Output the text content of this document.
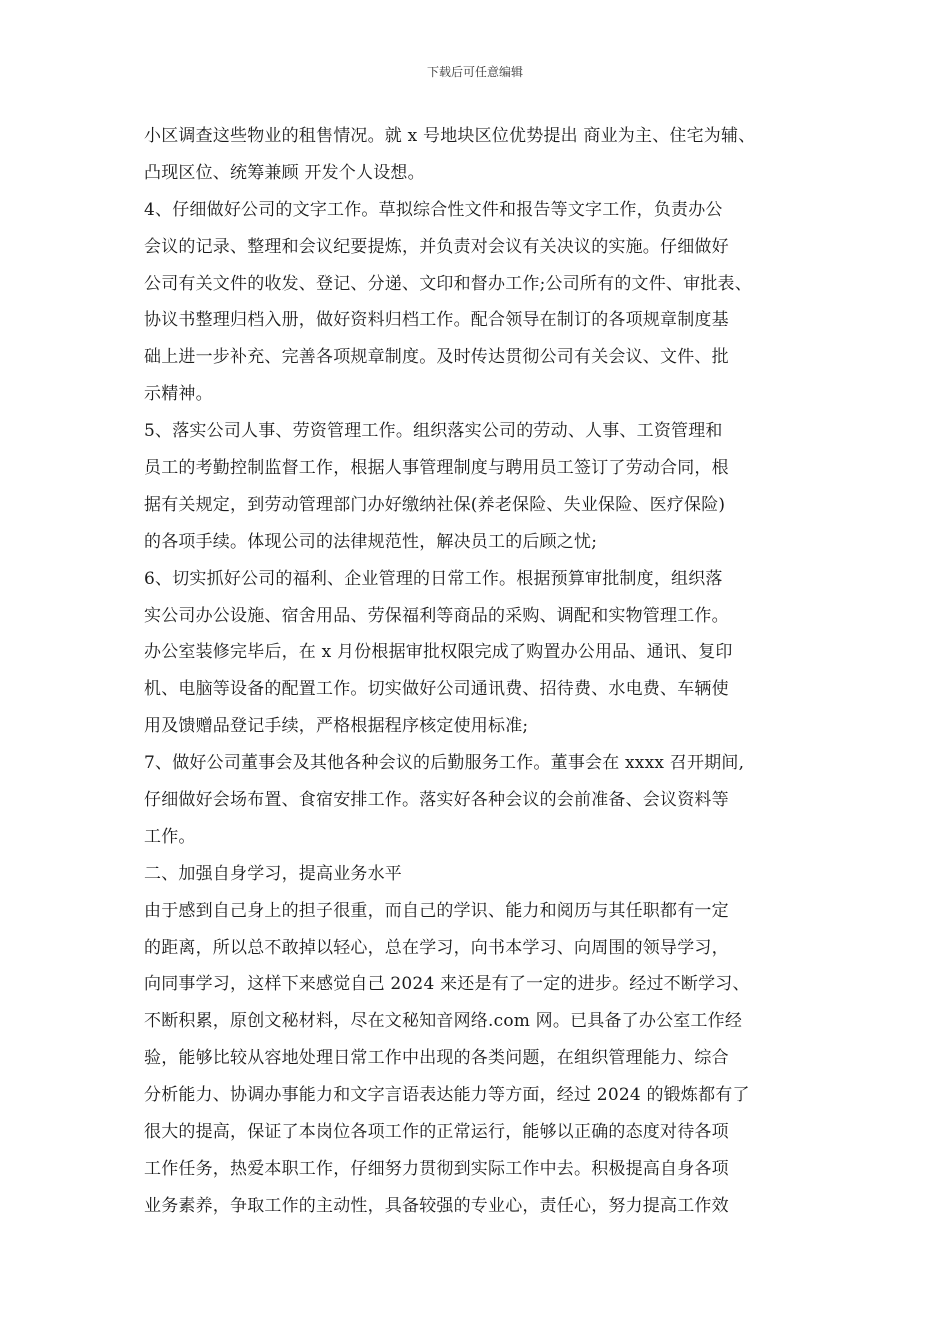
下载后可任意编辑
小区调查这些物业的租售情况。就 x 号地块区位优势提出 商业为主、住宅为辅、
凸现区位、统筹兼顾 开发个人设想。
4、仔细做好公司的文字工作。草拟综合性文件和报告等文字工作，负责办公
会议的记录、整理和会议纪要提炼，并负责对会议有关决议的实施。仔细做好
公司有关文件的收发、登记、分递、文印和督办工作;公司所有的文件、审批表、
协议书整理归档入册，做好资料归档工作。配合领导在制订的各项规章制度基
础上进一步补充、完善各项规章制度。及时传达贯彻公司有关会议、文件、批
示精神。
5、落实公司人事、劳资管理工作。组织落实公司的劳动、人事、工资管理和
员工的考勤控制监督工作，根据人事管理制度与聘用员工签订了劳动合同，根
据有关规定，到劳动管理部门办好缴纳社保(养老保险、失业保险、医疗保险)
的各项手续。体现公司的法律规范性，解决员工的后顾之忧;
6、切实抓好公司的福利、企业管理的日常工作。根据预算审批制度，组织落
实公司办公设施、宿舍用品、劳保福利等商品的采购、调配和实物管理工作。
办公室装修完毕后，在 x 月份根据审批权限完成了购置办公用品、通讯、复印
机、电脑等设备的配置工作。切实做好公司通讯费、招待费、水电费、车辆使
用及馈赠品登记手续，严格根据程序核定使用标准;
7、做好公司董事会及其他各种会议的后勤服务工作。董事会在 xxxx 召开期间,
仔细做好会场布置、食宿安排工作。落实好各种会议的会前准备、会议资料等
工作。
二、加强自身学习，提高业务水平
由于感到自己身上的担子很重，而自己的学识、能力和阅历与其任职都有一定
的距离，所以总不敢掉以轻心，总在学习，向书本学习、向周围的领导学习，
向同事学习，这样下来感觉自己 2024 来还是有了一定的进步。经过不断学习、
不断积累，原创文秘材料，尽在文秘知音网络.com 网。已具备了办公室工作经
验，能够比较从容地处理日常工作中出现的各类问题，在组织管理能力、综合
分析能力、协调办事能力和文字言语表达能力等方面，经过 2024 的锻炼都有了
很大的提高，保证了本岗位各项工作的正常运行，能够以正确的态度对待各项
工作任务，热爱本职工作，仔细努力贯彻到实际工作中去。积极提高自身各项
业务素养，争取工作的主动性，具备较强的专业心，责任心，努力提高工作效
